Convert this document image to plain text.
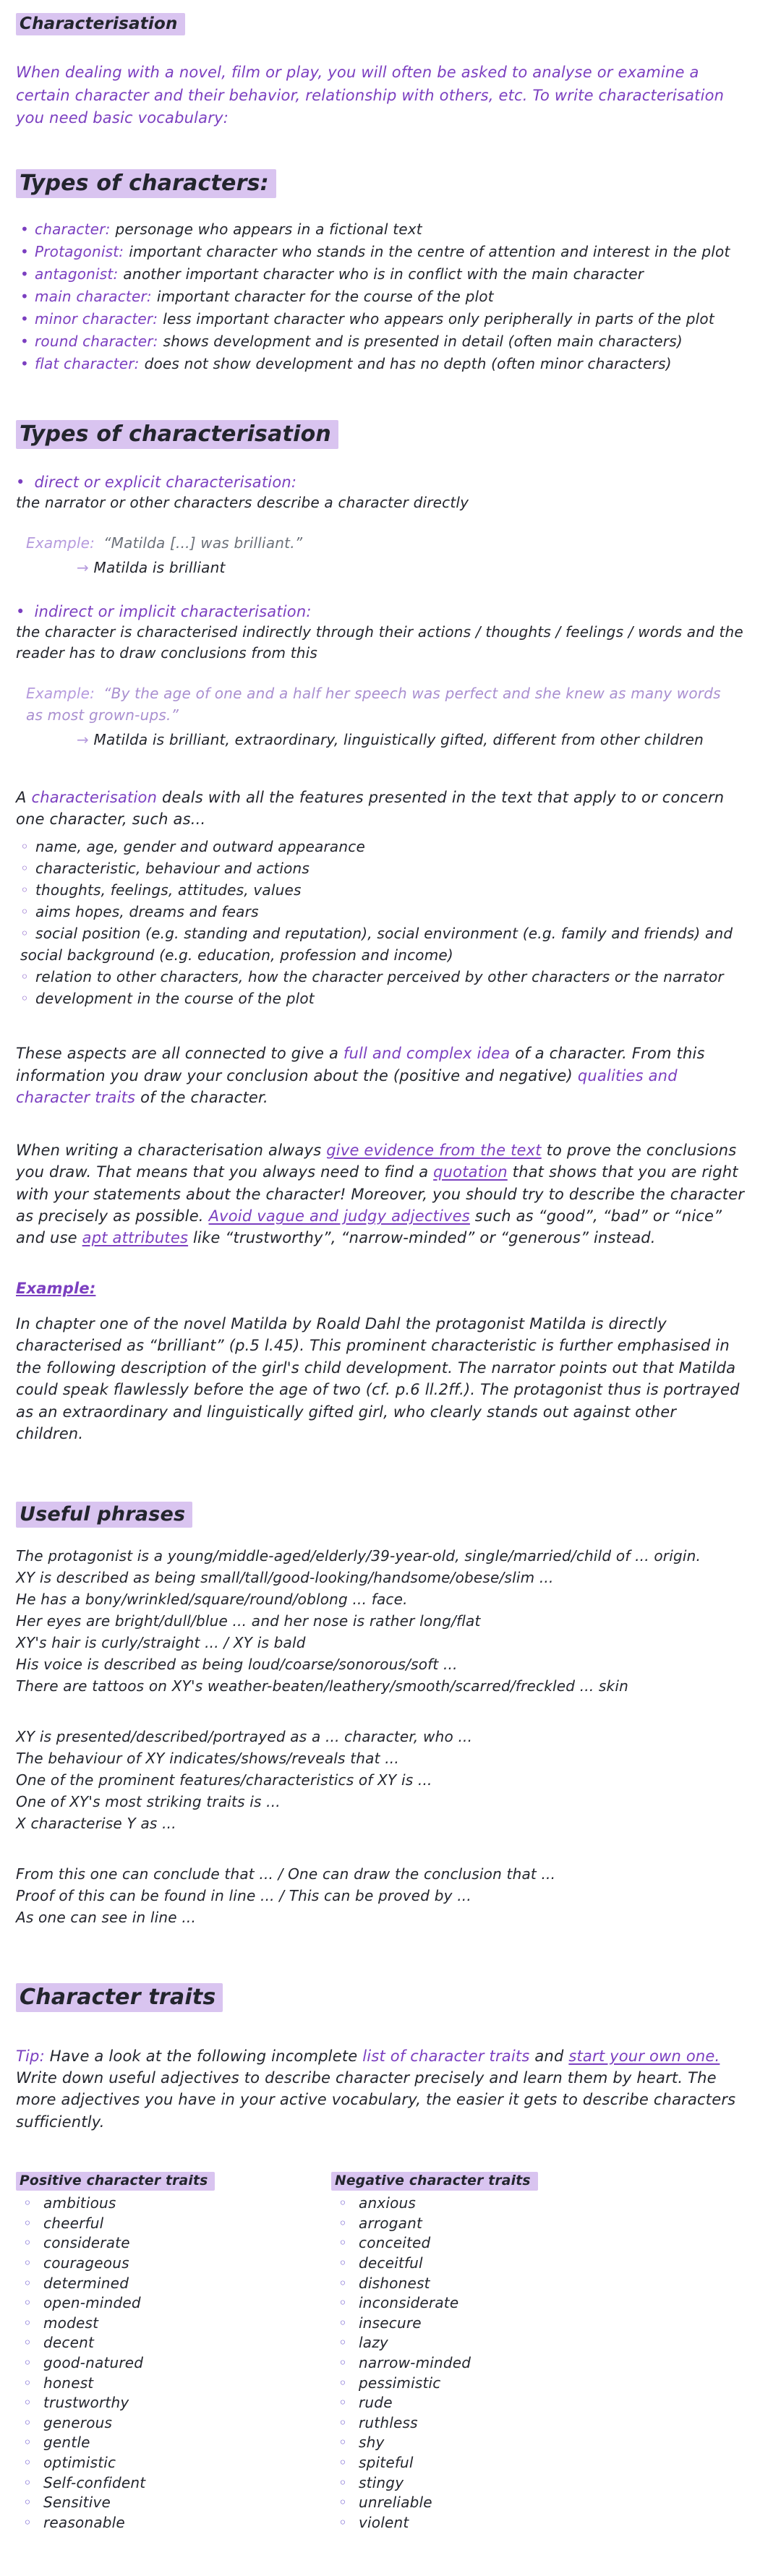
Characterisation

When dealing with a novel, film or play, you will often be asked to analyse or examine a certain character and their behavior, relationship with others, etc. To write characterisation you need basic vocabulary:

Types of characters:
• character: personage who appears in a fictional text
• Protagonist: important character who stands in the centre of attention and interest in the plot
• antagonist: another important character who is in conflict with the main character
• main character: important character for the course of the plot
• minor character: less important character who appears only peripherally in parts of the plot
• round character: shows development and is presented in detail (often main characters)
• flat character: does not show development and has no depth (often minor characters)
Types of characterisation
• direct or explicit characterisation:
the narrator or other characters describe a character directly
Example: “Matilda [...] was brilliant.”
→ Matilda is brilliant
• indirect or implicit characterisation:
the character is characterised indirectly through their actions / thoughts / feelings / words and the reader has to draw conclusions from this
Example: “By the age of one and a half her speech was perfect and she knew as many words as most grown-ups.”
→ Matilda is brilliant, extraordinary, linguistically gifted, different from other children

A characterisation deals with all the features presented in the text that apply to or concern one character, such as...

◦ name, age, gender and outward appearance
◦ characteristic, behaviour and actions
◦ thoughts, feelings, attitudes, values
◦ aims hopes, dreams and fears
◦ social position (e.g. standing and reputation), social environment (e.g. family and friends) and social background (e.g. education, profession and income)
◦ relation to other characters, how the character perceived by other characters or the narrator
◦ development in the course of the plot

These aspects are all connected to give a full and complex idea of a character. From this information you draw your conclusion about the (positive and negative) qualities and character traits of the character.

When writing a characterisation always give evidence from the text to prove the conclusions you draw. That means that you always need to find a quotation that shows that you are right with your statements about the character! Moreover, you should try to describe the character as precisely as possible. Avoid vague and judgy adjectives such as “good”, “bad” or “nice” and use apt attributes like “trustworthy”, “narrow-minded” or “generous” instead.

Example:

In chapter one of the novel Matilda by Roald Dahl the protagonist Matilda is directly characterised as “brilliant” (p.5 l.45). This prominent characteristic is further emphasised in the following description of the girl's child development. The narrator points out that Matilda could speak flawlessly before the age of two (cf. p.6 ll.2ff.). The protagonist thus is portrayed as an extraordinary and linguistically gifted girl, who clearly stands out against other children.

Useful phrases
The protagonist is a young/middle-aged/elderly/39-year-old, single/married/child of ... origin.
XY is described as being small/tall/good-looking/handsome/obese/slim ...
He has a bony/wrinkled/square/round/oblong ... face.
Her eyes are bright/dull/blue ... and her nose is rather long/flat
XY's hair is curly/straight ... / XY is bald
His voice is described as being loud/coarse/sonorous/soft ...
There are tattoos on XY's weather-beaten/leathery/smooth/scarred/freckled ... skin
XY is presented/described/portrayed as a ... character, who ...
The behaviour of XY indicates/shows/reveals that ...
One of the prominent features/characteristics of XY is ...
One of XY's most striking traits is ...
X characterise Y as ...
From this one can conclude that ... / One can draw the conclusion that ...
Proof of this can be found in line ... / This can be proved by ...
As one can see in line ...
Character traits

Tip: Have a look at the following incomplete list of character traits and start your own one. Write down useful adjectives to describe character precisely and learn them by heart. The more adjectives you have in your active vocabulary, the easier it gets to describe characters sufficiently.

Positive character traits
◦ ambitious
◦ cheerful
◦ considerate
◦ courageous
◦ determined
◦ open-minded
◦ modest
◦ decent
◦ good-natured
◦ honest
◦ trustworthy
◦ generous
◦ gentle
◦ optimistic
◦ Self-confident
◦ Sensitive
◦ reasonable
Negative character traits
◦ anxious
◦ arrogant
◦ conceited
◦ deceitful
◦ dishonest
◦ inconsiderate
◦ insecure
◦ lazy
◦ narrow-minded
◦ pessimistic
◦ rude
◦ ruthless
◦ shy
◦ spiteful
◦ stingy
◦ unreliable
◦ violent
